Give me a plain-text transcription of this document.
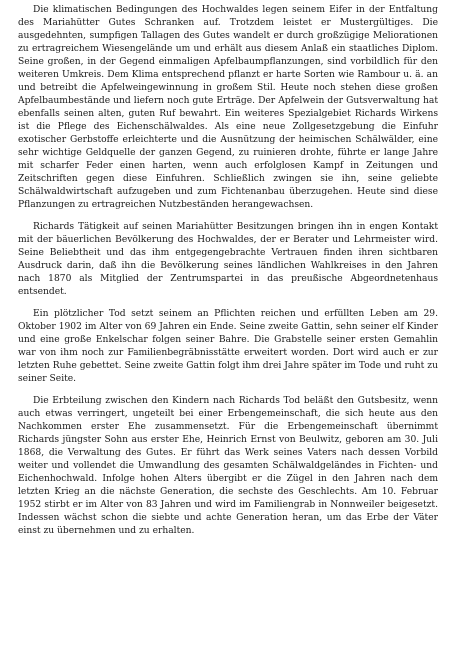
Die klimatischen Bedingungen des Hochwaldes legen seinem Eifer in der Entfaltung des Mariahütter Gutes Schranken auf. Trotzdem leistet er Mustergültiges. Die ausgedehnten, sumpfigen Tallagen des Gutes wandelt er durch großzügige Meliorationen zu ertragreichem Wiesengelände um und erhält aus diesem Anlaß ein staatliches Diplom. Seine großen, in der Gegend einmaligen Apfelbaumpflanzungen, sind vorbildlich für den weiteren Umkreis. Dem Klima entsprechend pflanzt er harte Sorten wie Rambour u. ä. an und betreibt die Apfelweingewinnung in großem Stil. Heute noch stehen diese großen Apfelbaumbestände und liefern noch gute Erträge. Der Apfelwein der Gutsverwaltung hat ebenfalls seinen alten, guten Ruf bewahrt. Ein weiteres Spezialgebiet Richards Wirkens ist die Pflege des Eichenschälwaldes. Als eine neue Zollgesetzgebung die Einfuhr exotischer Gerbstoffe erleichterte und die Ausnützung der heimischen Schälwälder, eine sehr wichtige Geldquelle der ganzen Gegend, zu ruinieren drohte, führte er lange Jahre mit scharfer Feder einen harten, wenn auch erfolglosen Kampf in Zeitungen und Zeitschriften gegen diese Einfuhren. Schließlich zwingen sie ihn, seine geliebte Schälwaldwirtschaft aufzugeben und zum Fichtenanbau überzugehen. Heute sind diese Pflanzungen zu ertragreichen Nutzbeständen herangewachsen.

Richards Tätigkeit auf seinen Mariahütter Besitzungen bringen ihn in engen Kontakt mit der bäuerlichen Bevölkerung des Hochwaldes, der er Berater und Lehrmeister wird. Seine Beliebtheit und das ihm entgegengebrachte Vertrauen finden ihren sichtbaren Ausdruck darin, daß ihn die Bevölkerung seines ländlichen Wahlkreises in den Jahren nach 1870 als Mitglied der Zentrumspartei in das preußische Abgeordnetenhaus entsendet.

Ein plötzlicher Tod setzt seinem an Pflichten reichen und erfüllten Leben am 29. Oktober 1902 im Alter von 69 Jahren ein Ende. Seine zweite Gattin, sehn seiner elf Kinder und eine große Enkelschar folgen seiner Bahre. Die Grabstelle seiner ersten Gemahlin war von ihm noch zur Familienbegräbnisstätte erweitert worden. Dort wird auch er zur letzten Ruhe gebettet. Seine zweite Gattin folgt ihm drei Jahre später im Tode und ruht zu seiner Seite.

Die Erbteilung zwischen den Kindern nach Richards Tod beläßt den Gutsbesitz, wenn auch etwas verringert, ungeteilt bei einer Erbengemeinschaft, die sich heute aus den Nachkommen erster Ehe zusammensetzt. Für die Erbengemeinschaft übernimmt Richards jüngster Sohn aus erster Ehe, Heinrich Ernst von Beulwitz, geboren am 30. Juli 1868, die Verwaltung des Gutes. Er führt das Werk seines Vaters nach dessen Vorbild weiter und vollendet die Umwandlung des gesamten Schälwaldgeländes in Fichten- und Eichenhochwald. Infolge hohen Alters übergibt er die Zügel in den Jahren nach dem letzten Krieg an die nächste Generation, die sechste des Geschlechts. Am 10. Februar 1952 stirbt er im Alter von 83 Jahren und wird im Familiengrab in Nonnweiler beigesetzt. Indessen wächst schon die siebte und achte Generation heran, um das Erbe der Väter einst zu übernehmen und zu erhalten.
